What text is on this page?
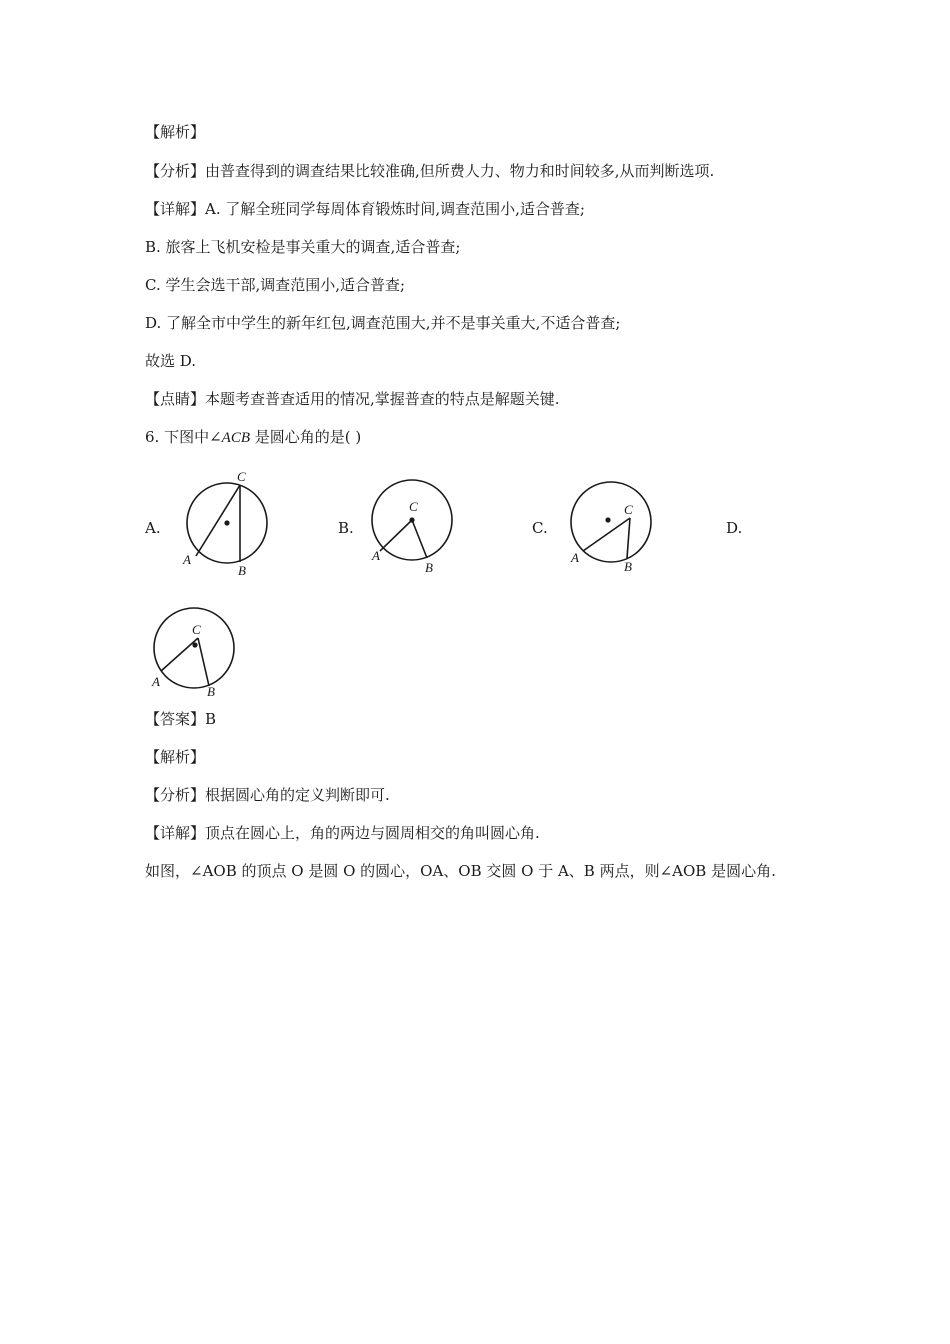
【解析】
【分析】由普查得到的调查结果比较准确,但所费人力、物力和时间较多,从而判断选项.
【详解】A. 了解全班同学每周体育锻炼时间,调查范围小,适合普查;
B. 旅客上飞机安检是事关重大的调查,适合普查;
C. 学生会选干部,调查范围小,适合普查;
D. 了解全市中学生的新年红包,调查范围大,并不是事关重大,不适合普查;
故选 D.
【点睛】本题考查普查适用的情况,掌握普查的特点是解题关键.
6. 下图中∠ACB 是圆心角的是( )
A.	B.	C.	D.
C
A
B
C
A
B
C
A
B
C
A
B
【答案】B
【解析】
【分析】根据圆心角的定义判断即可.
【详解】顶点在圆心上，角的两边与圆周相交的角叫圆心角.
如图，∠AOB 的顶点 O 是圆 O 的圆心，OA、OB 交圆 O 于 A、B 两点，则∠AOB 是圆心角.
